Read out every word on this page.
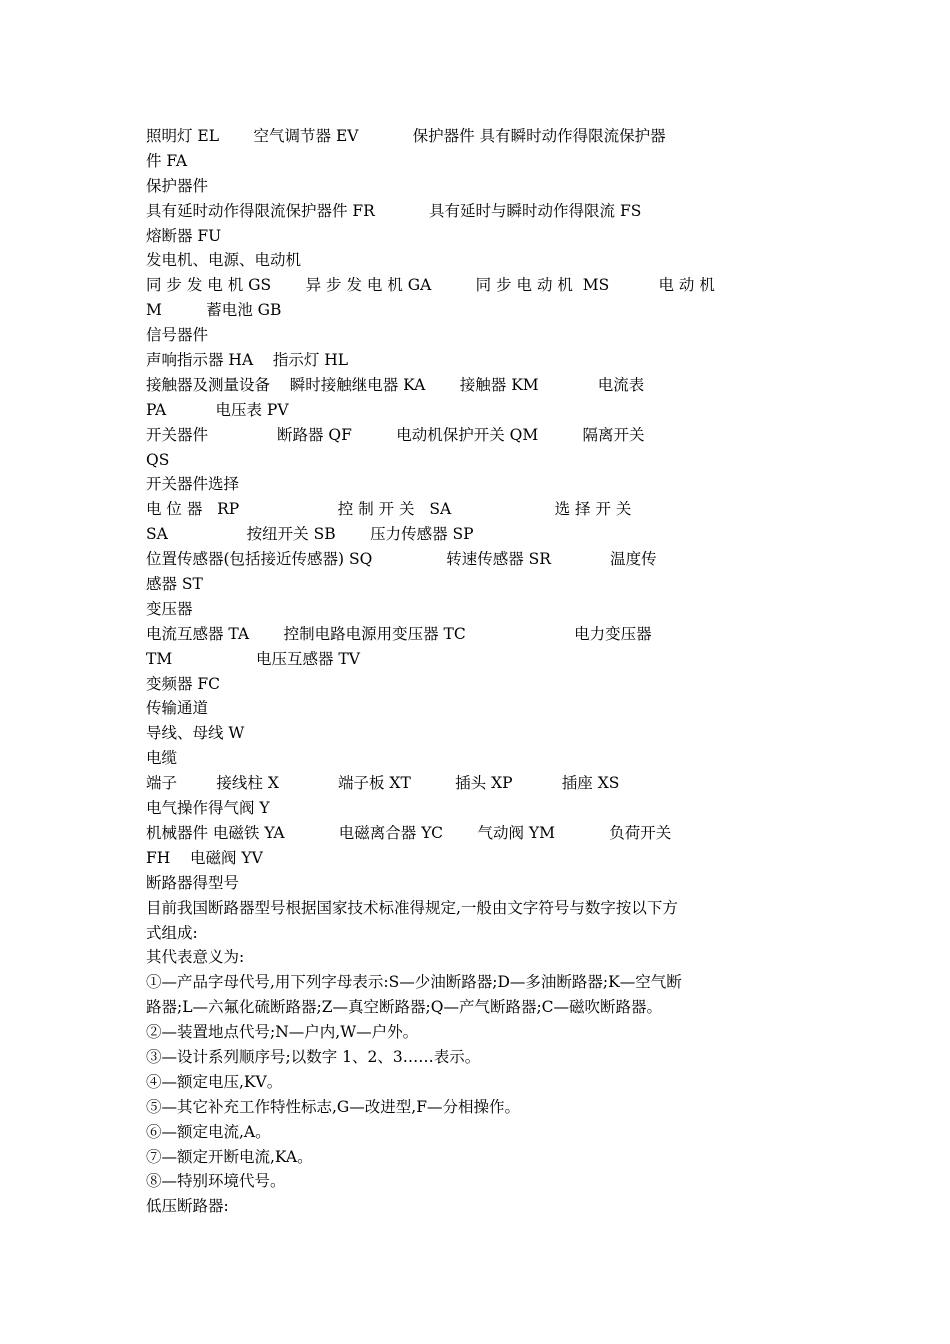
照明灯 EL       空气调节器 EV           保护器件 具有瞬时动作得限流保护器
件 FA
保护器件
具有延时动作得限流保护器件 FR           具有延时与瞬时动作得限流 FS
熔断器 FU
发电机、电源、电动机
同 步 发 电 机 GS       异 步 发 电 机 GA         同 步 电 动 机  MS          电 动 机
M         蓄电池 GB
信号器件
声响指示器 HA    指示灯 HL
接触器及测量设备    瞬时接触继电器 KA       接触器 KM            电流表
PA          电压表 PV
开关器件              断路器 QF         电动机保护开关 QM         隔离开关
QS
开关器件选择
电 位 器   RP                    控 制 开 关   SA                     选 择 开 关
SA                按纽开关 SB       压力传感器 SP
位置传感器(包括接近传感器) SQ               转速传感器 SR            温度传
感器 ST
变压器
电流互感器 TA       控制电路电源用变压器 TC                      电力变压器
TM                 电压互感器 TV
变频器 FC
传输通道
导线、母线 W
电缆
端子        接线柱 X            端子板 XT         插头 XP          插座 XS
电气操作得气阀 Y
机械器件 电磁铁 YA           电磁离合器 YC       气动阀 YM           负荷开关
FH    电磁阀 YV
断路器得型号
目前我国断路器型号根据国家技术标准得规定,一般由文字符号与数字按以下方
式组成:
其代表意义为:
①—产品字母代号,用下列字母表示:S—少油断路器;D—多油断路器;K—空气断
路器;L—六氟化硫断路器;Z—真空断路器;Q—产气断路器;C—磁吹断路器。
②—装置地点代号;N—户内,W—户外。
③—设计系列顺序号;以数字 1、2、3……表示。
④—额定电压,KV。
⑤—其它补充工作特性标志,G—改进型,F—分相操作。
⑥—额定电流,A。
⑦—额定开断电流,KA。
⑧—特别环境代号。
低压断路器:
